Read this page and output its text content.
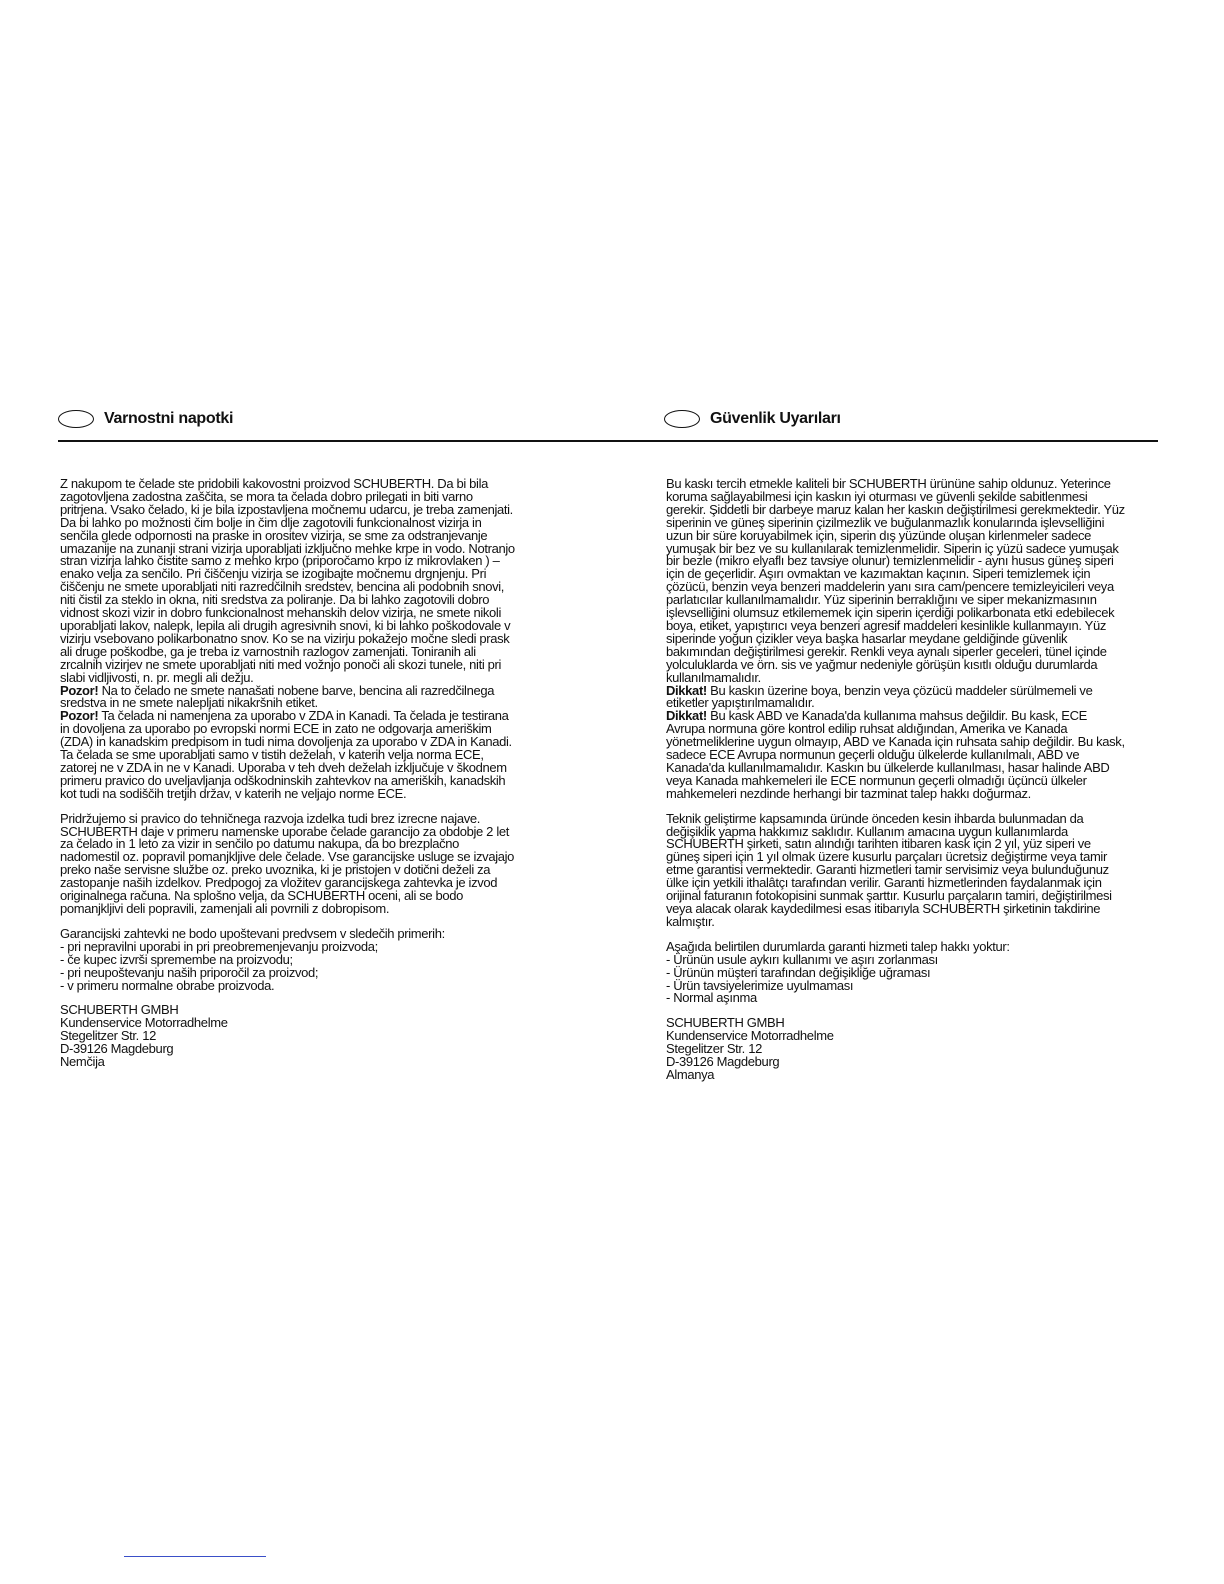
Varnostni napotki	Güvenlik Uyarıları

Z nakupom te čelade ste pridobili kakovostni proizvod SCHUBERTH. Da bi bila zagotovljena zadostna zaščita, se mora ta čelada dobro prilegati in biti varno pritrjena. Vsako čelado, ki je bila izpostavljena močnemu udarcu, je treba zamenjati. Da bi lahko po možnosti čim bolje in čim dlje zagotovili funkcionalnost vizirja in senčila glede odpornosti na praske in orositev vizirja, se sme za odstranjevanje umazanije na zunanji strani vizirja uporabljati izključno mehke krpe in vodo. Notranjo stran vizirja lahko čistite samo z mehko krpo (priporočamo krpo iz mikrovlaken ) – enako velja za senčilo. Pri čiščenju vizirja se izogibajte močnemu drgnjenju. Pri čiščenju ne smete uporabljati niti razredčilnih sredstev, bencina ali podobnih snovi, niti čistil za steklo in okna, niti sredstva za poliranje. Da bi lahko zagotovili dobro vidnost skozi vizir in dobro funkcionalnost mehanskih delov vizirja, ne smete nikoli uporabljati lakov, nalepk, lepila ali drugih agresivnih snovi, ki bi lahko poškodovale v vizirju vsebovano polikarbonatno snov. Ko se na vizirju pokažejo močne sledi prask ali druge poškodbe, ga je treba iz varnostnih razlogov zamenjati. Toniranih ali zrcalnih vizirjev ne smete uporabljati niti med vožnjo ponoči ali skozi tunele, niti pri slabi vidljivosti, n. pr. megli ali dežju.

Pozor! Na to čelado ne smete nanašati nobene barve, bencina ali razredčilnega sredstva in ne smete nalepljati nikakršnih etiket.

Pozor! Ta čelada ni namenjena za uporabo v ZDA in Kanadi. Ta čelada je testirana in dovoljena za uporabo po evropski normi ECE in zato ne odgovarja ameriškim (ZDA) in kanadskim predpisom in tudi nima dovoljenja za uporabo v ZDA in Kanadi. Ta čelada se sme uporabljati samo v tistih deželah, v katerih velja norma ECE, zatorej ne v ZDA in ne v Kanadi. Uporaba v teh dveh deželah izključuje v škodnem primeru pravico do uveljavljanja odškodninskih zahtevkov na ameriških, kanadskih kot tudi na sodiščih tretjih držav, v katerih ne veljajo norme ECE.

Pridržujemo si pravico do tehničnega razvoja izdelka tudi brez izrecne najave. SCHUBERTH daje v primeru namenske uporabe čelade garancijo za obdobje 2 let za čelado in 1 leto za vizir in senčilo po datumu nakupa, da bo brezplačno nadomestil oz. popravil pomanjkljive dele čelade. Vse garancijske usluge se izvajajo preko naše servisne službe oz. preko uvoznika, ki je pristojen v dotični deželi za zastopanje naših izdelkov. Predpogoj za vložitev garancijskega zahtevka je izvod originalnega računa. Na splošno velja, da SCHUBERTH oceni, ali se bodo pomanjkljivi deli popravili, zamenjali ali povrnili z dobropisom.

Garancijski zahtevki ne bodo upoštevani predvsem v sledečih primerih:

- pri nepravilni uporabi in pri preobremenjevanju proizvoda;
- če kupec izvrši spremembe na proizvodu;
- pri neupoštevanju naših priporočil za proizvod;
- v primeru normalne obrabe proizvoda.
SCHUBERTH GMBH
Kundenservice Motorradhelme
Stegelitzer Str. 12
D-39126 Magdeburg
Nemčija

Bu kaskı tercih etmekle kaliteli bir SCHUBERTH ürününe sahip oldunuz. Yeterince koruma sağlayabilmesi için kaskın iyi oturması ve güvenli şekilde sabitlenmesi gerekir. Şiddetli bir darbeye maruz kalan her kaskın değiştirilmesi gerekmektedir. Yüz siperinin ve güneş siperinin çizilmezlik ve buğulanmazlık konularında işlevselliğini uzun bir süre koruyabilmek için, siperin dış yüzünde oluşan kirlenmeler sadece yumuşak bir bez ve su kullanılarak temizlenmelidir. Siperin iç yüzü sadece yumuşak bir bezle (mikro elyaflı bez tavsiye olunur) temizlenmelidir - aynı husus güneş siperi için de geçerlidir. Aşırı ovmaktan ve kazımaktan kaçının. Siperi temizlemek için çözücü, benzin veya benzeri maddelerin yanı sıra cam/pencere temizleyicileri veya parlatıcılar kullanılmamalıdır. Yüz siperinin berraklığını ve siper mekanizmasının işlevselliğini olumsuz etkilememek için siperin içerdiği polikarbonata etki edebilecek boya, etiket, yapıştırıcı veya benzeri agresif maddeleri kesinlikle kullanmayın. Yüz siperinde yoğun çizikler veya başka hasarlar meydane geldiğinde güvenlik bakımından değiştirilmesi gerekir. Renkli veya aynalı siperler geceleri, tünel içinde yolculuklarda ve örn. sis ve yağmur nedeniyle görüşün kısıtlı olduğu durumlarda kullanılmamalıdır.

Dikkat! Bu kaskın üzerine boya, benzin veya çözücü maddeler sürülmemeli ve etiketler yapıştırılmamalıdır.

Dikkat! Bu kask ABD ve Kanada'da kullanıma mahsus değildir. Bu kask, ECE Avrupa normuna göre kontrol edilip ruhsat aldığından, Amerika ve Kanada yönetmeliklerine uygun olmayıp, ABD ve Kanada için ruhsata sahip değildir. Bu kask, sadece ECE Avrupa normunun geçerli olduğu ülkelerde kullanılmalı, ABD ve Kanada'da kullanılmamalıdır. Kaskın bu ülkelerde kullanılması, hasar halinde ABD veya Kanada mahkemeleri ile ECE normunun geçerli olmadığı üçüncü ülkeler mahkemeleri nezdinde herhangi bir tazminat talep hakkı doğurmaz.

Teknik geliştirme kapsamında üründe önceden kesin ihbarda bulunmadan da değişiklik yapma hakkımız saklıdır. Kullanım amacına uygun kullanımlarda SCHUBERTH şirketi, satın alındığı tarihten itibaren kask için 2 yıl, yüz siperi ve güneş siperi için 1 yıl olmak üzere kusurlu parçaları ücretsiz değiştirme veya tamir etme garantisi vermektedir. Garanti hizmetleri tamir servisimiz veya bulunduğunuz ülke için yetkili ithalâtçı tarafından verilir. Garanti hizmetlerinden faydalanmak için orijinal faturanın fotokopisini sunmak şarttır. Kusurlu parçaların tamiri, değiştirilmesi veya alacak olarak kaydedilmesi esas itibarıyla SCHUBERTH şirketinin takdirine kalmıştır.

Aşağıda belirtilen durumlarda garanti hizmeti talep hakkı yoktur:

- Ürünün usule aykırı kullanımı ve aşırı zorlanması
- Ürünün müşteri tarafından değişikliğe uğraması
- Ürün tavsiyelerimize uyulmaması
- Normal aşınma
SCHUBERTH GMBH
Kundenservice Motorradhelme
Stegelitzer Str. 12
D-39126 Magdeburg
Almanya
